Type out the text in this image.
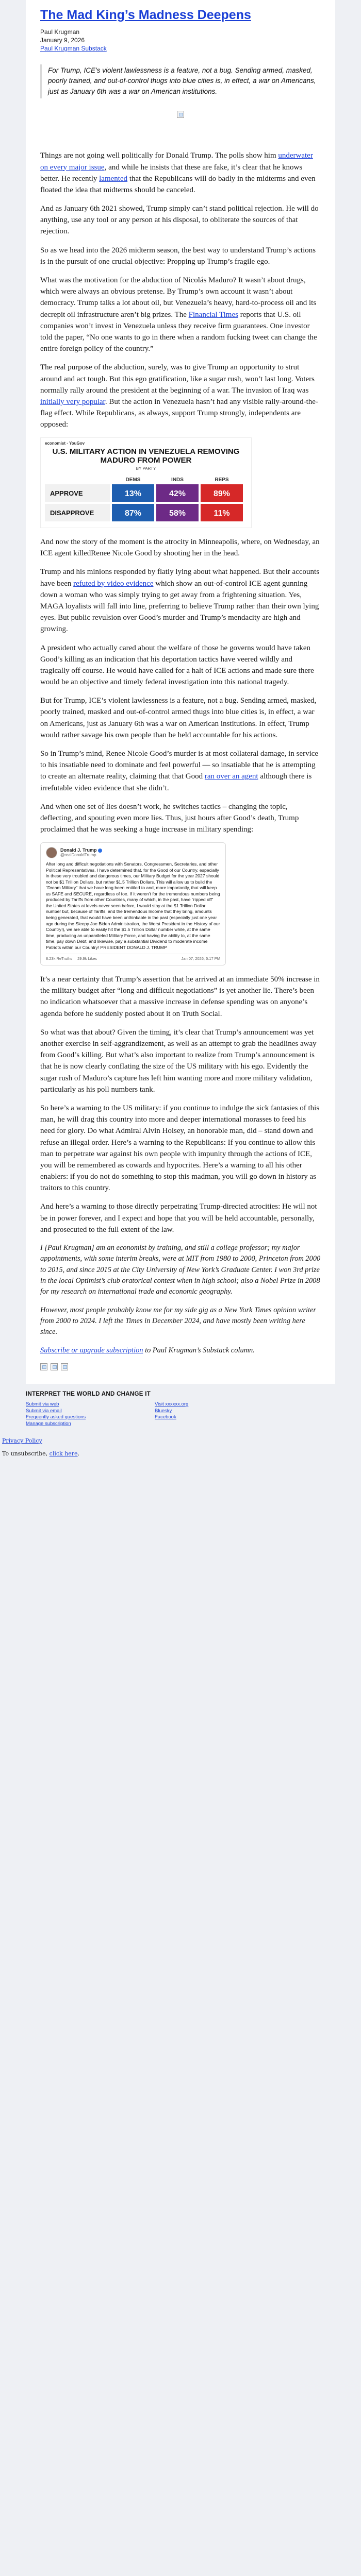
The Mad King’s Madness Deepens
Paul Krugman
January 9, 2026
Paul Krugman Substack
For Trump, ICE’s violent lawlessness is a feature, not a bug. Sending armed, masked, poorly trained, and out-of-control thugs into blue cities is, in effect, a war on Americans, just as January 6th was a war on American institutions.

Things are not going well politically for Donald Trump. The polls show him underwater on every major issue, and while he insists that these are fake, it’s clear that he knows better. He recently lamented that the Republicans will do badly in the midterms and even floated the idea that midterms should be canceled.

And as January 6th 2021 showed, Trump simply can’t stand political rejection. He will do anything, use any tool or any person at his disposal, to obliterate the sources of that rejection.

So as we head into the 2026 midterm season, the best way to understand Trump’s actions is in the pursuit of one crucial objective: Propping up Trump’s fragile ego.

What was the motivation for the abduction of Nicolás Maduro? It wasn’t about drugs, which were always an obvious pretense. By Trump’s own account it wasn’t about democracy. Trump talks a lot about oil, but Venezuela’s heavy, hard-to-process oil and its decrepit oil infrastructure aren’t big prizes. The Financial Times reports that U.S. oil companies won’t invest in Venezuela unless they receive firm guarantees. One investor told the paper, “No one wants to go in there when a random fucking tweet can change the entire foreign policy of the country.”

The real purpose of the abduction, surely, was to give Trump an opportunity to strut around and act tough. But this ego gratification, like a sugar rush, won’t last long. Voters normally rally around the president at the beginning of a war. The invasion of Iraq was initially very popular. But the action in Venezuela hasn’t had any visible rally-around-the-flag effect. While Republicans, as always, support Trump strongly, independents are opposed:

economist · YouGov
U.S. MILITARY ACTION IN VENEZUELA REMOVING MADURO FROM POWER
BY PARTY
DEMS	INDS	REPS
APPROVE	13%	42%	89%
DISAPPROVE	87%	58%	11%

And now the story of the moment is the atrocity in Minneapolis, where, on Wednesday, an ICE agent killedRenee Nicole Good by shooting her in the head.

Trump and his minions responded by flatly lying about what happened. But their accounts have been refuted by video evidence which show an out-of-control ICE agent gunning down a woman who was simply trying to get away from a frightening situation. Yes, MAGA loyalists will fall into line, preferring to believe Trump rather than their own lying eyes. But public revulsion over Good’s murder and Trump’s mendacity are high and growing.

A president who actually cared about the welfare of those he governs would have taken Good’s killing as an indication that his deportation tactics have veered wildly and tragically off course. He would have called for a halt of ICE actions and made sure there would be an objective and timely federal investigation into this national tragedy.

But for Trump, ICE’s violent lawlessness is a feature, not a bug. Sending armed, masked, poorly trained, masked and out-of-control armed thugs into blue cities is, in effect, a war on Americans, just as January 6th was a war on American institutions. In effect, Trump would rather savage his own people than be held accountable for his actions.

So in Trump’s mind, Renee Nicole Good’s murder is at most collateral damage, in service to his insatiable need to dominate and feel powerful — so insatiable that he is attempting to create an alternate reality, claiming that that Good ran over an agent although there is irrefutable video evidence that she didn’t.

And when one set of lies doesn’t work, he switches tactics – changing the topic, deflecting, and spouting even more lies. Thus, just hours after Good’s death, Trump proclaimed that he was seeking a huge increase in military spending:

Donald J. Trump
@realDonaldTrump

After long and difficult negotiations with Senators, Congressmen, Secretaries, and other Political Representatives, I have determined that, for the Good of our Country, especially in these very troubled and dangerous times, our Military Budget for the year 2027 should not be $1 Trillion Dollars, but rather $1.5 Trillion Dollars. This will allow us to build the “Dream Military” that we have long been entitled to and, more importantly, that will keep us SAFE and SECURE, regardless of foe. If it weren’t for the tremendous numbers being produced by Tariffs from other Countries, many of which, in the past, have “ripped off” the United States at levels never seen before, I would stay at the $1 Trillion Dollar number but, because of Tariffs, and the tremendous Income that they bring, amounts being generated, that would have been unthinkable in the past (especially just one year ago during the Sleepy Joe Biden Administration, the Worst President in the History of our Country!), we are able to easily hit the $1.5 Trillion Dollar number while, at the same time, producing an unparalleled Military Force, and having the ability to, at the same time, pay down Debt, and likewise, pay a substantial Dividend to moderate income Patriots within our Country! PRESIDENT DONALD J. TRUMP

8.23k ReTruths 29.9k Likes	Jan 07, 2026, 5:17 PM

It’s a near certainty that Trump’s assertion that he arrived at an immediate 50% increase in the military budget after “long and difficult negotiations” is yet another lie. There’s been no indication whatsoever that a massive increase in defense spending was on anyone’s agenda before he suddenly posted about it on Truth Social.

So what was that about? Given the timing, it’s clear that Trump’s announcement was yet another exercise in self-aggrandizement, as well as an attempt to grab the headlines away from Good’s killing. But what’s also important to realize from Trump’s announcement is that he is now clearly conflating the size of the US military with his ego. Evidently the sugar rush of Maduro’s capture has left him wanting more and more military validation, particularly as his poll numbers tank.

So here’s a warning to the US military: if you continue to indulge the sick fantasies of this man, he will drag this country into more and deeper international morasses to feed his need for glory. Do what Admiral Alvin Holsey, an honorable man, did – stand down and refuse an illegal order. Here’s a warning to the Republicans: If you continue to allow this man to perpetrate war against his own people with impunity through the actions of ICE, you will be remembered as cowards and hypocrites. Here’s a warning to all his other enablers: if you do not do something to stop this madman, you will go down in history as traitors to this country.

And here’s a warning to those directly perpetrating Trump-directed atrocities: He will not be in power forever, and I expect and hope that you will be held accountable, personally, and prosecuted to the full extent of the law.

I [Paul Krugman] am an economist by training, and still a college professor; my major appointments, with some interim breaks, were at MIT from 1980 to 2000, Princeton from 2000 to 2015, and since 2015 at the City University of New York’s Graduate Center. I won 3rd prize in the local Optimist’s club oratorical contest when in high school; also a Nobel Prize in 2008 for my research on international trade and economic geography.

However, most people probably know me for my side gig as a New York Times opinion writer from 2000 to 2024. I left the Times in December 2024, and have mostly been writing here since.

Subscribe or upgrade subscription to Paul Krugman’s Substack column.

INTERPRET THE WORLD AND CHANGE IT
Submit via web
Submit via email
Frequently asked questions
Manage subscription
Visit xxxxxx.org
Bluesky
Facebook
Privacy Policy
To unsubscribe, click here.
